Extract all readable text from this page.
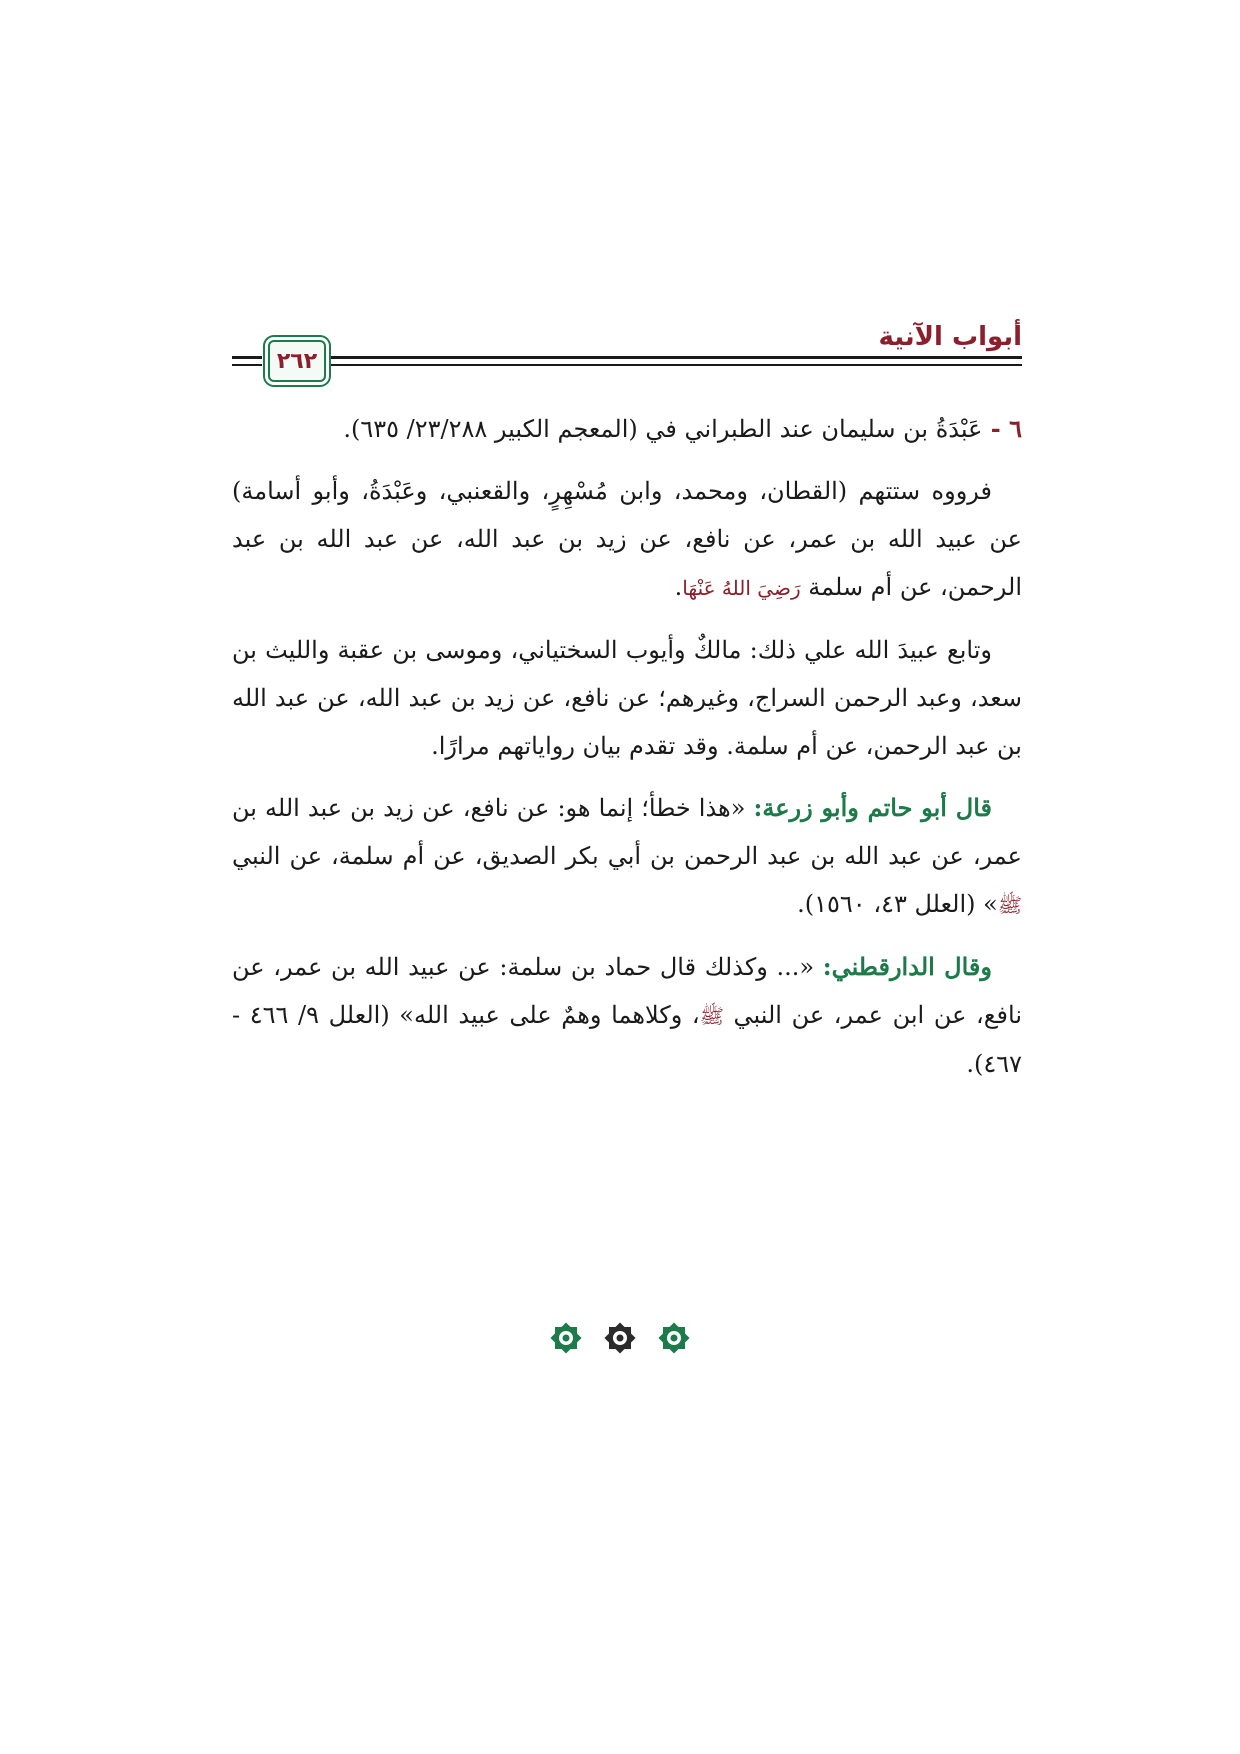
أبواب الآنية
٢٦٢

٦ - عَبْدَةُ بن سليمان عند الطبراني في (المعجم الكبير ٢٣/٢٨٨/ ٦٣٥).

فرووه ستتهم (القطان، ومحمد، وابن مُسْهِرٍ، والقعنبي، وعَبْدَةُ، وأبو أسامة) عن عبيد الله بن عمر، عن نافع، عن زيد بن عبد الله، عن عبد الله بن عبد الرحمن، عن أم سلمة رَضِيَ اللهُ عَنْهَا.

وتابع عبيدَ الله علي ذلك: مالكٌ وأيوب السختياني، وموسى بن عقبة والليث بن سعد، وعبد الرحمن السراج، وغيرهم؛ عن نافع، عن زيد بن عبد الله، عن عبد الله بن عبد الرحمن، عن أم سلمة. وقد تقدم بيان رواياتهم مرارًا.

قال أبو حاتم وأبو زرعة: «هذا خطأ؛ إنما هو: عن نافع، عن زيد بن عبد الله بن عمر، عن عبد الله بن عبد الرحمن بن أبي بكر الصديق، عن أم سلمة، عن النبي ﷺ» (العلل ٤٣، ١٥٦٠).

وقال الدارقطني: «... وكذلك قال حماد بن سلمة: عن عبيد الله بن عمر، عن نافع، عن ابن عمر، عن النبي ﷺ، وكلاهما وهمٌ على عبيد الله» (العلل ٩/ ٤٦٦ - ٤٦٧).
